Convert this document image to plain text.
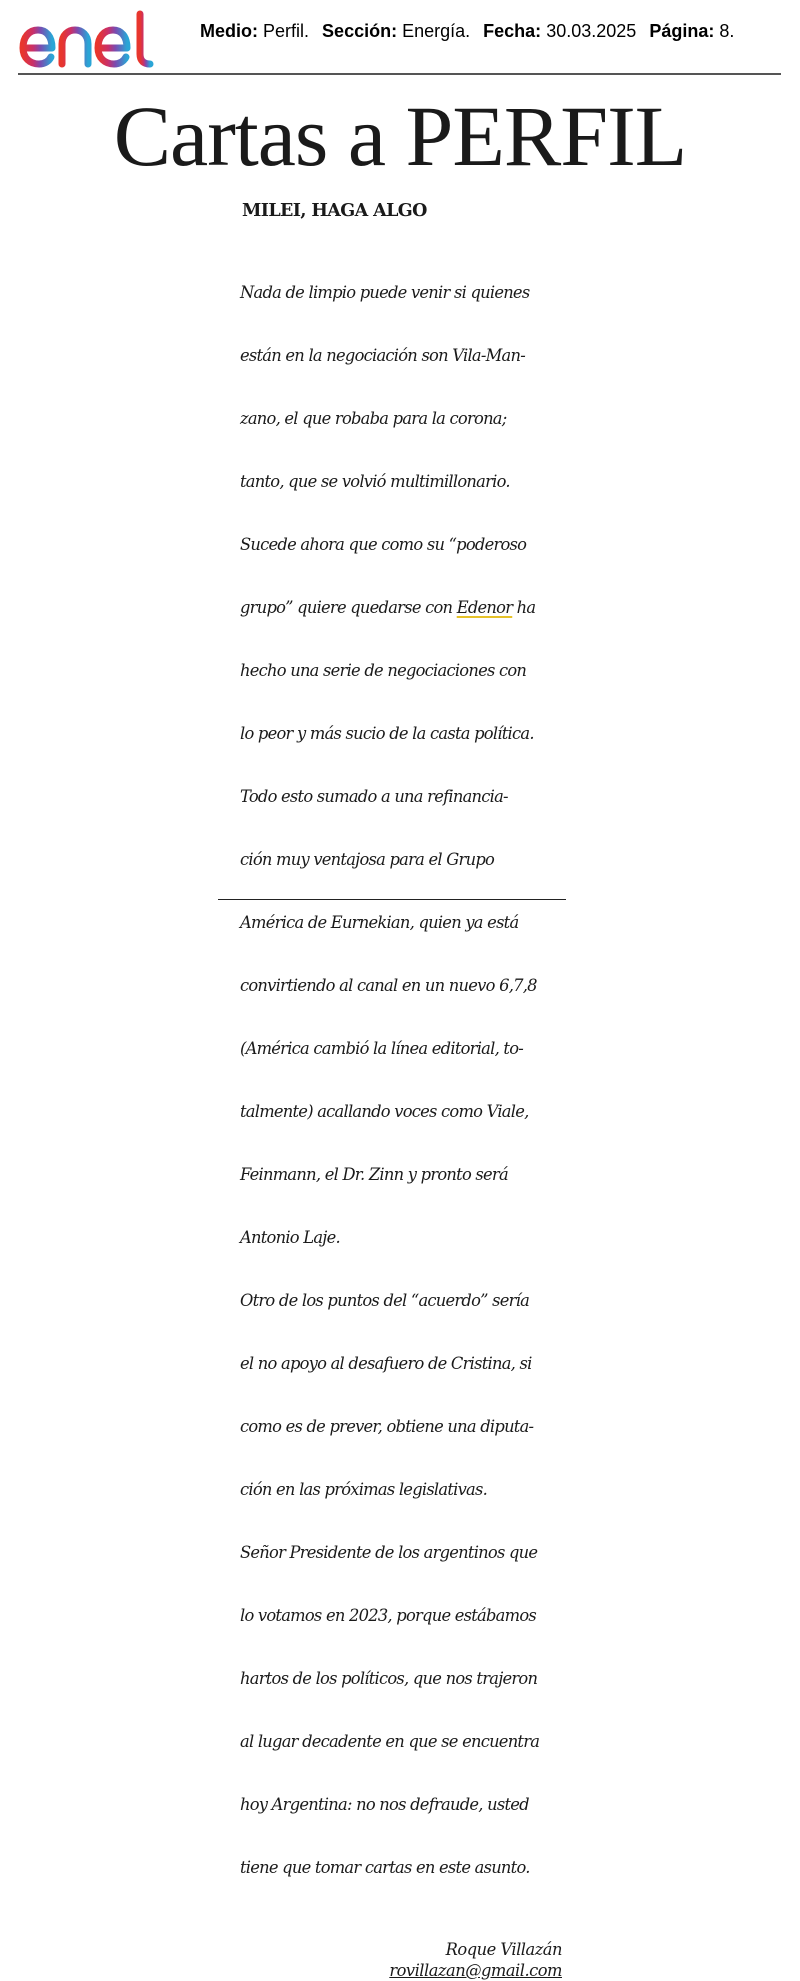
Medio: Perfil. Sección: Energía. Fecha: 30.03.2025 Página: 8.
Cartas a PERFIL
MILEI, HAGA ALGO

Nada de limpio puede venir si quienes

están en la negociación son Vila-Man-

zano, el que robaba para la corona;

tanto, que se volvió multimillonario.

Sucede ahora que como su “poderoso

grupo” quiere quedarse con Edenor ha

hecho una serie de negociaciones con

lo peor y más sucio de la casta política.

Todo esto sumado a una refinancia-

ción muy ventajosa para el Grupo

América de Eurnekian, quien ya está

convirtiendo al canal en un nuevo 6,7,8

(América cambió la línea editorial, to-

talmente) acallando voces como Viale,

Feinmann, el Dr. Zinn y pronto será

Antonio Laje.

Otro de los puntos del “acuerdo” sería

el no apoyo al desafuero de Cristina, si

como es de prever, obtiene una diputa-

ción en las próximas legislativas.

Señor Presidente de los argentinos que

lo votamos en 2023, porque estábamos

hartos de los políticos, que nos trajeron

al lugar decadente en que se encuentra

hoy Argentina: no nos defraude, usted

tiene que tomar cartas en este asunto.

Roque Villazán
rovillazan@gmail.com
